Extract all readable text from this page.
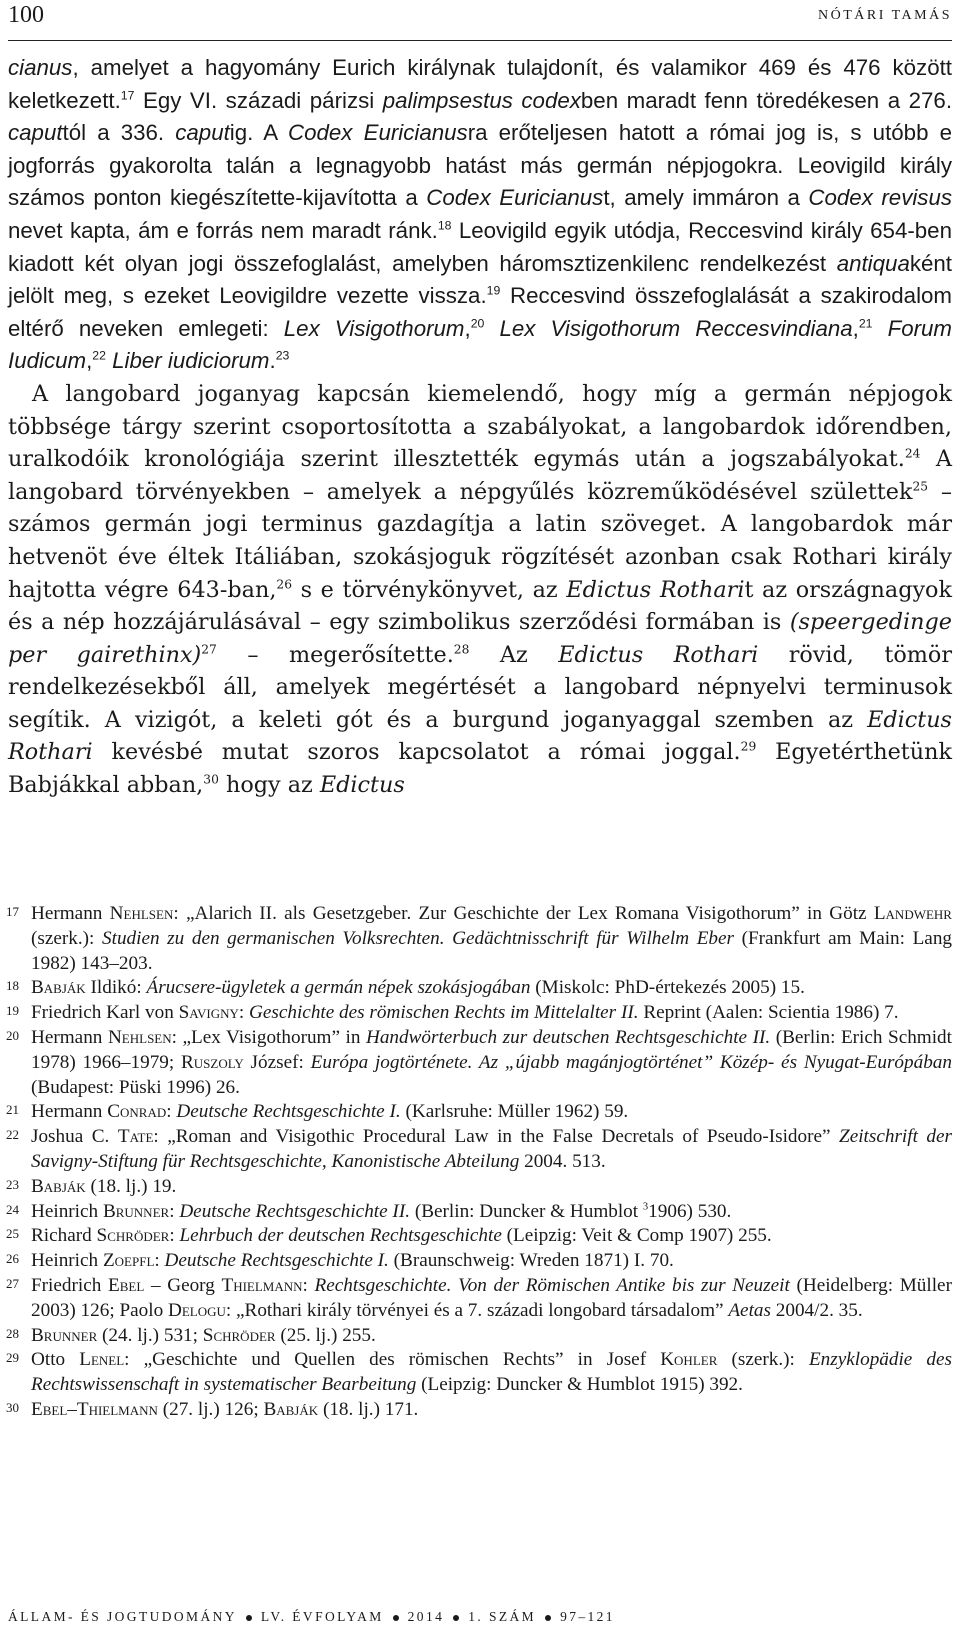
100	NÓTÁRI TAMÁS

cianus, amelyet a hagyomány Eurich királynak tulajdonít, és valamikor 469 és 476 között keletkezett.$^{17}$ Egy VI. századi párizsi palimpsestus codexben maradt fenn töredékesen a 276. caputtól a 336. caputig. A Codex Euricianusra erőteljesen hatott a római jog is, s utóbb e jogforrás gyakorolta talán a legnagyobb hatást más germán népjogokra. Leovigild király számos ponton kiegészítette-kijavította a Codex Euricianust, amely immáron a Codex revisus nevet kapta, ám e forrás nem maradt ránk.$^{18}$ Leovigild egyik utódja, Reccesvind király 654-ben kiadott két olyan jogi összefoglalást, amelyben háromsztizenkilenc rendelkezést antiquaként jelölt meg, s ezeket Leovigildre vezette vissza.$^{19}$ Reccesvind összefoglalását a szakirodalom eltérő neveken emlegeti: Lex Visigothorum,$^{20}$ Lex Visigothorum Reccesvindiana,$^{21}$ Forum Iudicum,$^{22}$ Liber iudiciorum.$^{23}$

A langobard joganyag kapcsán kiemelendő, hogy míg a germán népjogok többsége tárgy szerint csoportosította a szabályokat, a langobardok időrendben, uralkodóik kronológiája szerint illesztették egymás után a jogszabályokat.$^{24}$ A langobard törvényekben – amelyek a népgyűlés közreműködésével születtek$^{25}$ – számos germán jogi terminus gazdagítja a latin szöveget. A langobardok már hetvenöt éve éltek Itáliában, szokásjoguk rögzítését azonban csak Rothari király hajtotta végre 643-ban,$^{26}$ s e törvénykönyvet, az Edictus Rotharit az országnagyok és a nép hozzájárulásával – egy szimbolikus szerződési formában is (speergedinge per gairethinx)$^{27}$ – megerősítette.$^{28}$ Az Edictus Rothari rövid, tömör rendelkezésekből áll, amelyek megértését a langobard népnyelvi terminusok segítik. A vizigót, a keleti gót és a burgund joganyaggal szemben az Edictus Rothari kevésbé mutat szoros kapcsolatot a római joggal.$^{29}$ Egyetérthetünk Babjákkal abban,$^{30}$ hogy az Edictus

17 Hermann Nehlsen: „Alarich II. als Gesetzgeber. Zur Geschichte der Lex Romana Visigothorum” in Götz Landwehr (szerk.): Studien zu den germanischen Volksrechten. Gedächtnisschrift für Wilhelm Eber (Frankfurt am Main: Lang 1982) 143–203.
18 Babják Ildikó: Árucsere-ügyletek a germán népek szokásjogában (Miskolc: PhD-értekezés 2005) 15.
19 Friedrich Karl von Savigny: Geschichte des römischen Rechts im Mittelalter II. Reprint (Aalen: Scientia 1986) 7.
20 Hermann Nehlsen: „Lex Visigothorum” in Handwörterbuch zur deutschen Rechtsgeschichte II. (Berlin: Erich Schmidt 1978) 1966–1979; Ruszoly József: Európa jogtörténete. Az „újabb magánjogtörténet” Közép- és Nyugat-Európában (Budapest: Püski 1996) 26.
21 Hermann Conrad: Deutsche Rechtsgeschichte I. (Karlsruhe: Müller 1962) 59.
22 Joshua C. Tate: „Roman and Visigothic Procedural Law in the False Decretals of Pseudo-Isidore” Zeitschrift der Savigny-Stiftung für Rechtsgeschichte, Kanonistische Abteilung 2004. 513.
23 Babják (18. lj.) 19.
24 Heinrich Brunner: Deutsche Rechtsgeschichte II. (Berlin: Duncker & Humblot $^3$1906) 530.
25 Richard Schröder: Lehrbuch der deutschen Rechtsgeschichte (Leipzig: Veit & Comp 1907) 255.
26 Heinrich Zoepfl: Deutsche Rechtsgeschichte I. (Braunschweig: Wreden 1871) I. 70.
27 Friedrich Ebel – Georg Thielmann: Rechtsgeschichte. Von der Römischen Antike bis zur Neuzeit (Heidelberg: Müller 2003) 126; Paolo Delogu: „Rothari király törvényei és a 7. századi longobard társadalom” Aetas 2004/2. 35.
28 Brunner (24. lj.) 531; Schröder (25. lj.) 255.
29 Otto Lenel: „Geschichte und Quellen des römischen Rechts” in Josef Kohler (szerk.): Enzyklopädie des Rechtswissenschaft in systematischer Bearbeitung (Leipzig: Duncker & Humblot 1915) 392.
30 Ebel–Thielmann (27. lj.) 126; Babják (18. lj.) 171.
ÁLLAM- ÉS JOGTUDOMÁNY LV. ÉVFOLYAM 2014 1. SZÁM 97–121
